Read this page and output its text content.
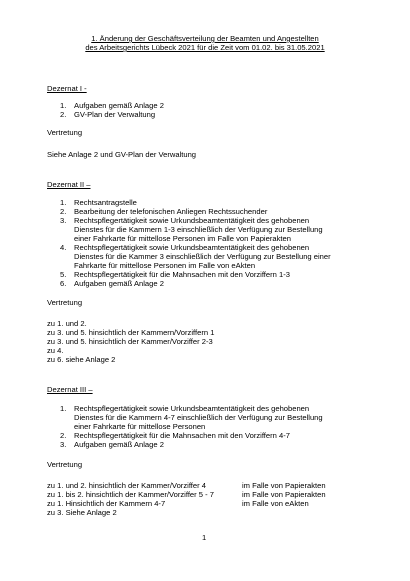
1. Änderung der Geschäftsverteilung der Beamten und Angestellten
des Arbeitsgerichts Lübeck 2021 für die Zeit vom 01.02. bis 31.05.2021
Dezernat I -
1.	Aufgaben gemäß Anlage 2
2.	GV-Plan der Verwaltung
Vertretung
Siehe Anlage 2 und GV-Plan der Verwaltung
Dezernat II –
1.	Rechtsantragstelle
2.	Bearbeitung der telefonischen Anliegen Rechtssuchender
3.	Rechtspflegertätigkeit sowie Urkundsbeamtentätigkeit des gehobenen
Dienstes für die Kammern 1-3 einschließlich der Verfügung zur Bestellung
einer Fahrkarte für mittellose Personen im Falle von Papierakten
4.	Rechtspflegertätigkeit sowie Urkundsbeamtentätigkeit des gehobenen
Dienstes für die Kammer 3 einschließlich der Verfügung zur Bestellung einer
Fahrkarte für mittellose Personen im Falle von eAkten
5.	Rechtspflegertätigkeit für die Mahnsachen mit den Vorziffern 1-3
6.	Aufgaben gemäß Anlage 2
Vertretung
zu 1. und 2.
zu 3. und 5. hinsichtlich der Kammern/Vorziffern 1
zu 3. und 5. hinsichtlich der Kammer/Vorziffer 2-3
zu 4.
zu 6. siehe Anlage 2
Dezernat III –
1.	Rechtspflegertätigkeit sowie Urkundsbeamtentätigkeit des gehobenen
Dienstes für die Kammern 4-7 einschließlich der Verfügung zur Bestellung
einer Fahrkarte für mittellose Personen
2.	Rechtspflegertätigkeit für die Mahnsachen mit den Vorziffern 4-7
3.	Aufgaben gemäß Anlage 2
Vertretung
zu 1. und 2. hinsichtlich der Kammer/Vorziffer 4	im Falle von Papierakten
zu 1. bis 2. hinsichtlich der Kammer/Vorziffer 5 - 7	im Falle von Papierakten
zu 1. Hinsichtlich der Kammern 4-7	im Falle von eAkten
zu 3. Siehe Anlage 2
1
